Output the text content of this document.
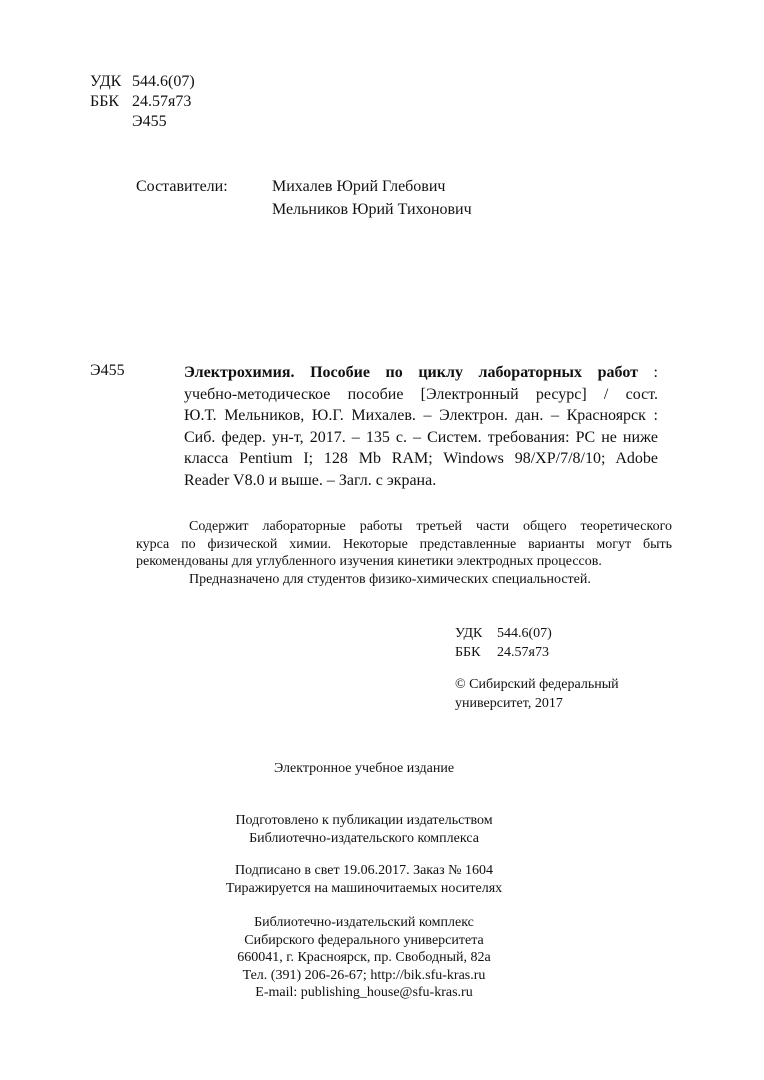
УДК 544.6(07)
ББК 24.57я73
Э455
Составители:	Михалев Юрий Глебович
Мельников Юрий Тихонович
Э455	Электрохимия. Пособие по циклу лабораторных работ :
учебно-методическое пособие [Электронный ресурс] / сост.
Ю.Т. Мельников, Ю.Г. Михалев. – Электрон. дан. – Красноярск :
Сиб. федер. ун-т, 2017. – 135 с. – Систем. требования: PC не ниже
класса Pentium I; 128 Mb RAM; Windows 98/XP/7/8/10; Adobe
Reader V8.0 и выше. – Загл. с экрана.
Содержит лабораторные работы третьей части общего теоретического
курса по физической химии. Некоторые представленные варианты могут быть
рекомендованы для углубленного изучения кинетики электродных процессов.
Предназначено для студентов физико-химических специальностей.
УДК	544.6(07)
ББК	24.57я73
© Сибирский федеральный
университет, 2017
Электронное учебное издание
Подготовлено к публикации издательством
Библиотечно-издательского комплекса
Подписано в свет 19.06.2017. Заказ № 1604
Тиражируется на машиночитаемых носителях
Библиотечно-издательский комплекс
Сибирского федерального университета
660041, г. Красноярск, пр. Свободный, 82а
Тел. (391) 206-26-67; http://bik.sfu-kras.ru
E-mail: publishing_house@sfu-kras.ru
